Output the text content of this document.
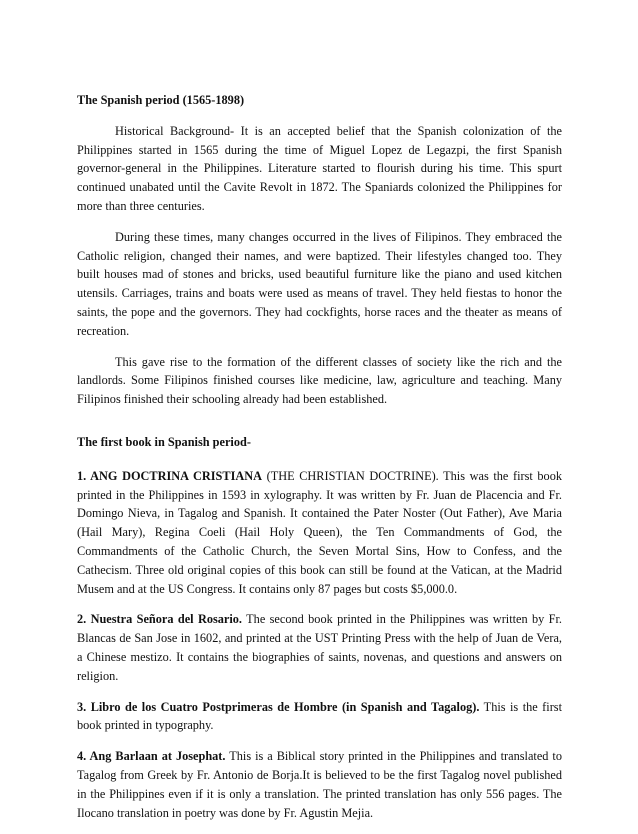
The Spanish period (1565-1898)

Historical Background- It is an accepted belief that the Spanish colonization of the Philippines started in 1565 during the time of Miguel Lopez de Legazpi, the first Spanish governor-general in the Philippines. Literature started to flourish during his time. This spurt continued unabated until the Cavite Revolt in 1872. The Spaniards colonized the Philippines for more than three centuries.

During these times, many changes occurred in the lives of Filipinos. They embraced the Catholic religion, changed their names, and were baptized. Their lifestyles changed too. They built houses mad of stones and bricks, used beautiful furniture like the piano and used kitchen utensils. Carriages, trains and boats were used as means of travel. They held fiestas to honor the saints, the pope and the governors. They had cockfights, horse races and the theater as means of recreation.

This gave rise to the formation of the different classes of society like the rich and the landlords. Some Filipinos finished courses like medicine, law, agriculture and teaching. Many Filipinos finished their schooling already had been established.

The first book in Spanish period-
1. ANG DOCTRINA CRISTIANA (THE CHRISTIAN DOCTRINE). This was the first book printed in the Philippines in 1593 in xylography. It was written by Fr. Juan de Placencia and Fr. Domingo Nieva, in Tagalog and Spanish. It contained the Pater Noster (Out Father), Ave Maria (Hail Mary), Regina Coeli (Hail Holy Queen), the Ten Commandments of God, the Commandments of the Catholic Church, the Seven Mortal Sins, How to Confess, and the Cathecism. Three old original copies of this book can still be found at the Vatican, at the Madrid Musem and at the US Congress. It contains only 87 pages but costs $5,000.0.
2. Nuestra Señora del Rosario. The second book printed in the Philippines was written by Fr. Blancas de San Jose in 1602, and printed at the UST Printing Press with the help of Juan de Vera, a Chinese mestizo. It contains the biographies of saints, novenas, and questions and answers on religion.
3. Libro de los Cuatro Postprimeras de Hombre (in Spanish and Tagalog). This is the first book printed in typography.
4. Ang Barlaan at Josephat. This is a Biblical story printed in the Philippines and translated to Tagalog from Greek by Fr. Antonio de Borja.It is believed to be the first Tagalog novel published in the Philippines even if it is only a translation. The printed translation has only 556 pages. The Ilocano translation in poetry was done by Fr. Agustin Mejia.
